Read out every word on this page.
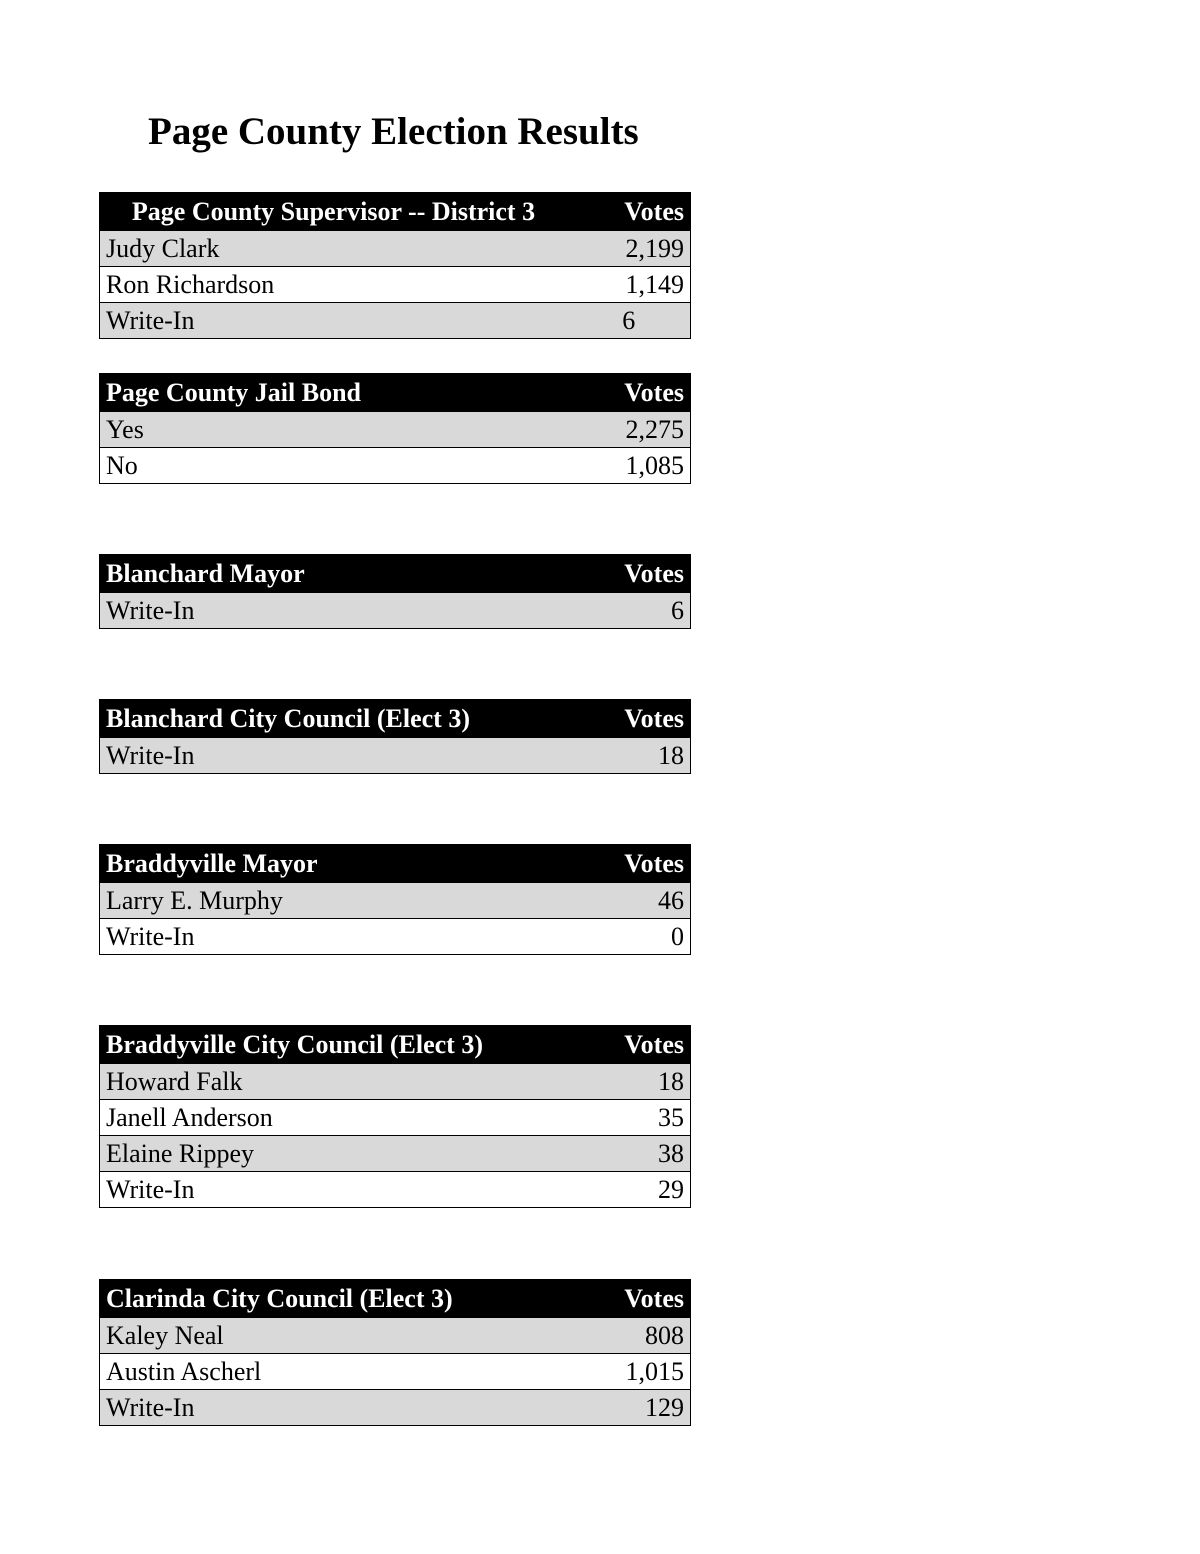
Page County Election Results
Page County Supervisor -- District 3	Votes
Judy Clark	2,199
Ron Richardson	1,149
Write-In	6
Page County Jail Bond	Votes
Yes	2,275
No	1,085
Blanchard Mayor	Votes
Write-In	6
Blanchard City Council (Elect 3)	Votes
Write-In	18
Braddyville Mayor	Votes
Larry E. Murphy	46
Write-In	0
Braddyville City Council (Elect 3)	Votes
Howard Falk	18
Janell Anderson	35
Elaine Rippey	38
Write-In	29
Clarinda City Council (Elect 3)	Votes
Kaley Neal	808
Austin Ascherl	1,015
Write-In	129
